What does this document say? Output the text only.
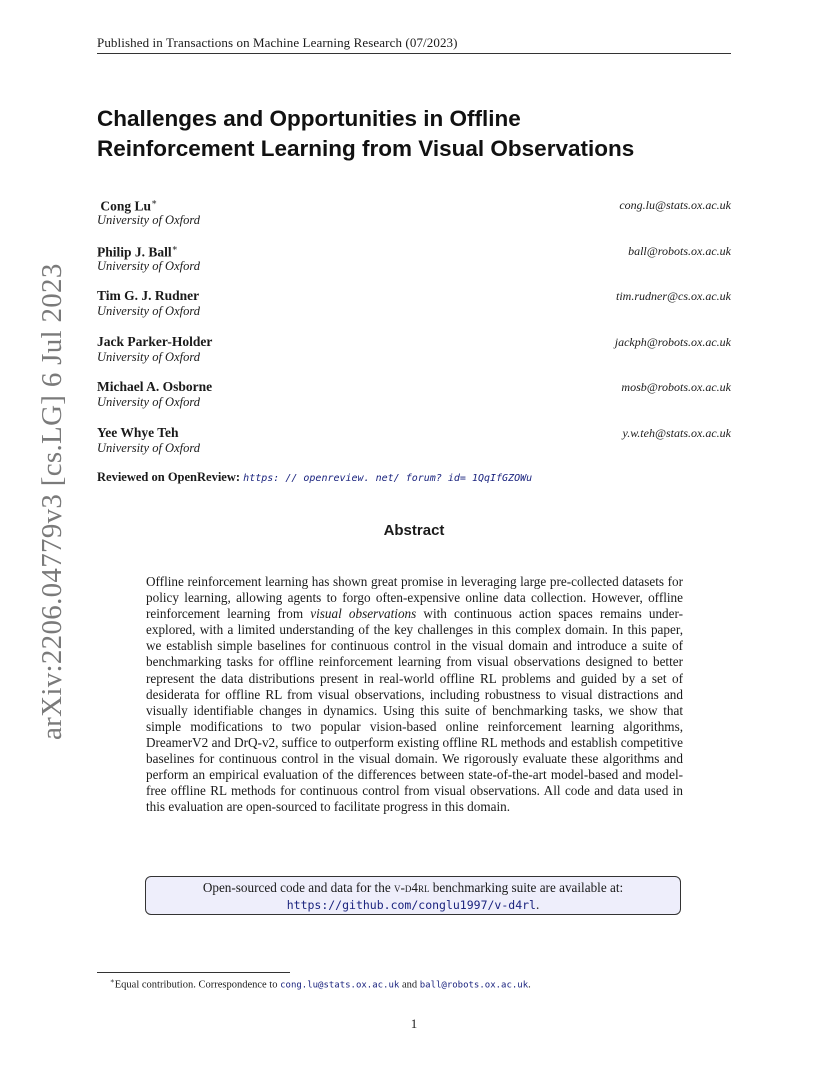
Published in Transactions on Machine Learning Research (07/2023)
arXiv:2206.04779v3 [cs.LG] 6 Jul 2023
Challenges and Opportunities in Offline
Reinforcement Learning from Visual Observations
Cong Lu∗
University of Oxford
cong.lu@stats.ox.ac.uk
Philip J. Ball∗
University of Oxford
ball@robots.ox.ac.uk
Tim G. J. Rudner
University of Oxford
tim.rudner@cs.ox.ac.uk
Jack Parker-Holder
University of Oxford
jackph@robots.ox.ac.uk
Michael A. Osborne
University of Oxford
mosb@robots.ox.ac.uk
Yee Whye Teh
University of Oxford
y.w.teh@stats.ox.ac.uk
Reviewed on OpenReview: https: // openreview. net/ forum? id= 1QqIfGZOWu
Abstract

Offline reinforcement learning has shown great promise in leveraging large pre-collected datasets for policy learning, allowing agents to forgo often-expensive online data collection. However, offline reinforcement learning from visual observations with continuous action spaces remains under-explored, with a limited understanding of the key challenges in this complex domain. In this paper, we establish simple baselines for continuous control in the visual domain and introduce a suite of benchmarking tasks for offline reinforcement learning from visual observations designed to better represent the data distributions present in real-world offline RL problems and guided by a set of desiderata for offline RL from visual observations, including robustness to visual distractions and visually identifiable changes in dynamics. Using this suite of benchmarking tasks, we show that simple modifications to two popular vision-based online reinforcement learning algorithms, DreamerV2 and DrQ-v2, suffice to outperform existing offline RL methods and establish competitive baselines for continuous control in the visual domain. We rigorously evaluate these algorithms and perform an empirical evaluation of the differences between state-of-the-art model-based and model-free offline RL methods for continuous control from visual observations. All code and data used in this evaluation are open-sourced to facilitate progress in this domain.

Open-sourced code and data for the v-d4rl benchmarking suite are available at:
https://github.com/conglu1997/v-d4rl.
∗Equal contribution. Correspondence to cong.lu@stats.ox.ac.uk and ball@robots.ox.ac.uk.
1
